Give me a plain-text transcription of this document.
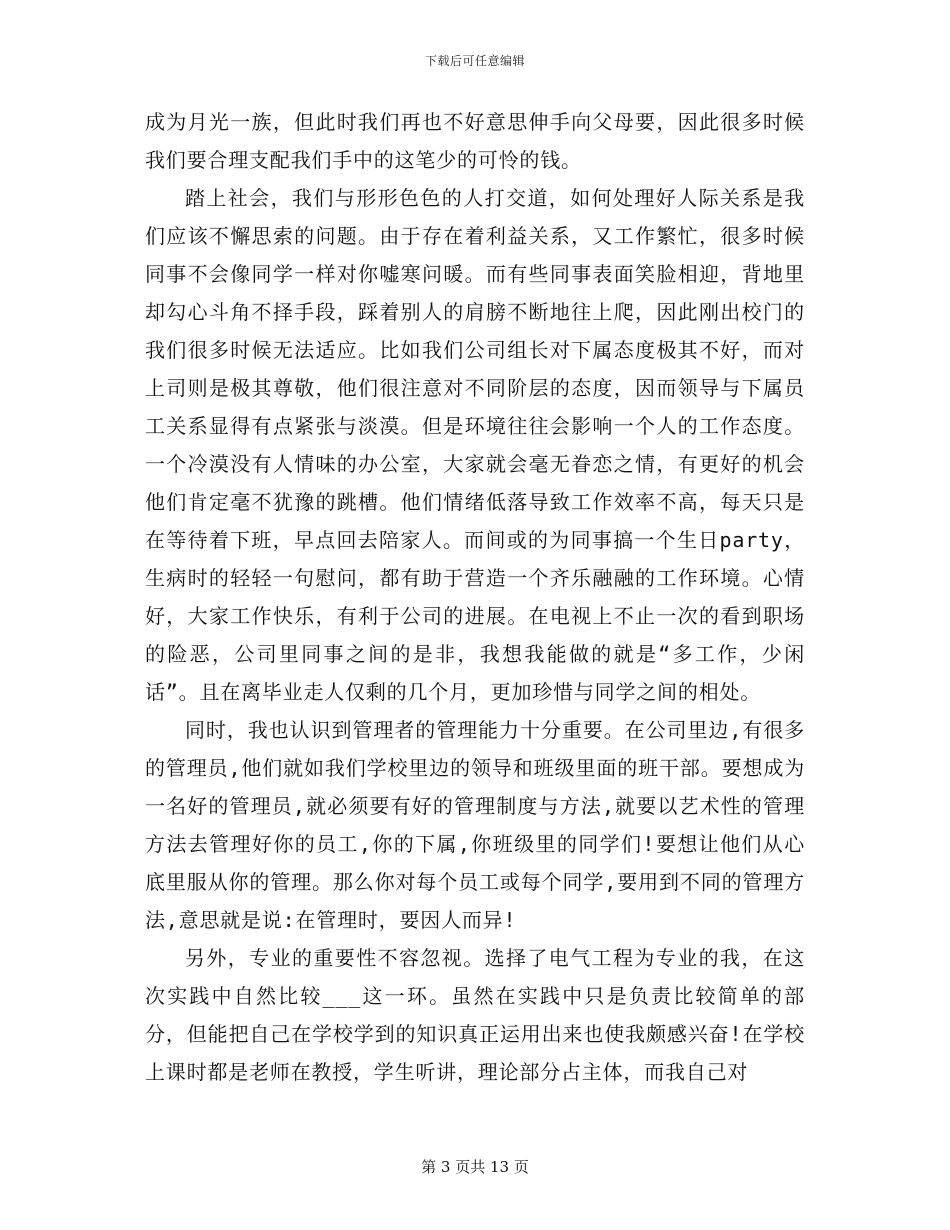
下载后可任意编辑

成为月光一族，但此时我们再也不好意思伸手向父母要，因此很多时候我们要合理支配我们手中的这笔少的可怜的钱。

踏上社会，我们与形形色色的人打交道，如何处理好人际关系是我们应该不懈思索的问题。由于存在着利益关系，又工作繁忙，很多时候同事不会像同学一样对你嘘寒问暖。而有些同事表面笑脸相迎，背地里却勾心斗角不择手段，踩着别人的肩膀不断地往上爬，因此刚出校门的我们很多时候无法适应。比如我们公司组长对下属态度极其不好，而对上司则是极其尊敬，他们很注意对不同阶层的态度，因而领导与下属员工关系显得有点紧张与淡漠。但是环境往往会影响一个人的工作态度。一个冷漠没有人情味的办公室，大家就会毫无眷恋之情，有更好的机会他们肯定毫不犹豫的跳槽。他们情绪低落导致工作效率不高，每天只是在等待着下班，早点回去陪家人。而间或的为同事搞一个生日party，生病时的轻轻一句慰问，都有助于营造一个齐乐融融的工作环境。心情好，大家工作快乐，有利于公司的进展。在电视上不止一次的看到职场的险恶，公司里同事之间的是非，我想我能做的就是“多工作，少闲话”。且在离毕业走人仅剩的几个月，更加珍惜与同学之间的相处。

同时，我也认识到管理者的管理能力十分重要。在公司里边,有很多的管理员,他们就如我们学校里边的领导和班级里面的班干部。要想成为一名好的管理员,就必须要有好的管理制度与方法,就要以艺术性的管理方法去管理好你的员工,你的下属,你班级里的同学们!要想让他们从心底里服从你的管理。那么你对每个员工或每个同学,要用到不同的管理方法,意思就是说:在管理时，要因人而异!

另外，专业的重要性不容忽视。选择了电气工程为专业的我，在这次实践中自然比较___这一环。虽然在实践中只是负责比较简单的部分，但能把自己在学校学到的知识真正运用出来也使我颇感兴奋!在学校上课时都是老师在教授，学生听讲，理论部分占主体，而我自己对

第 3 页共 13 页
